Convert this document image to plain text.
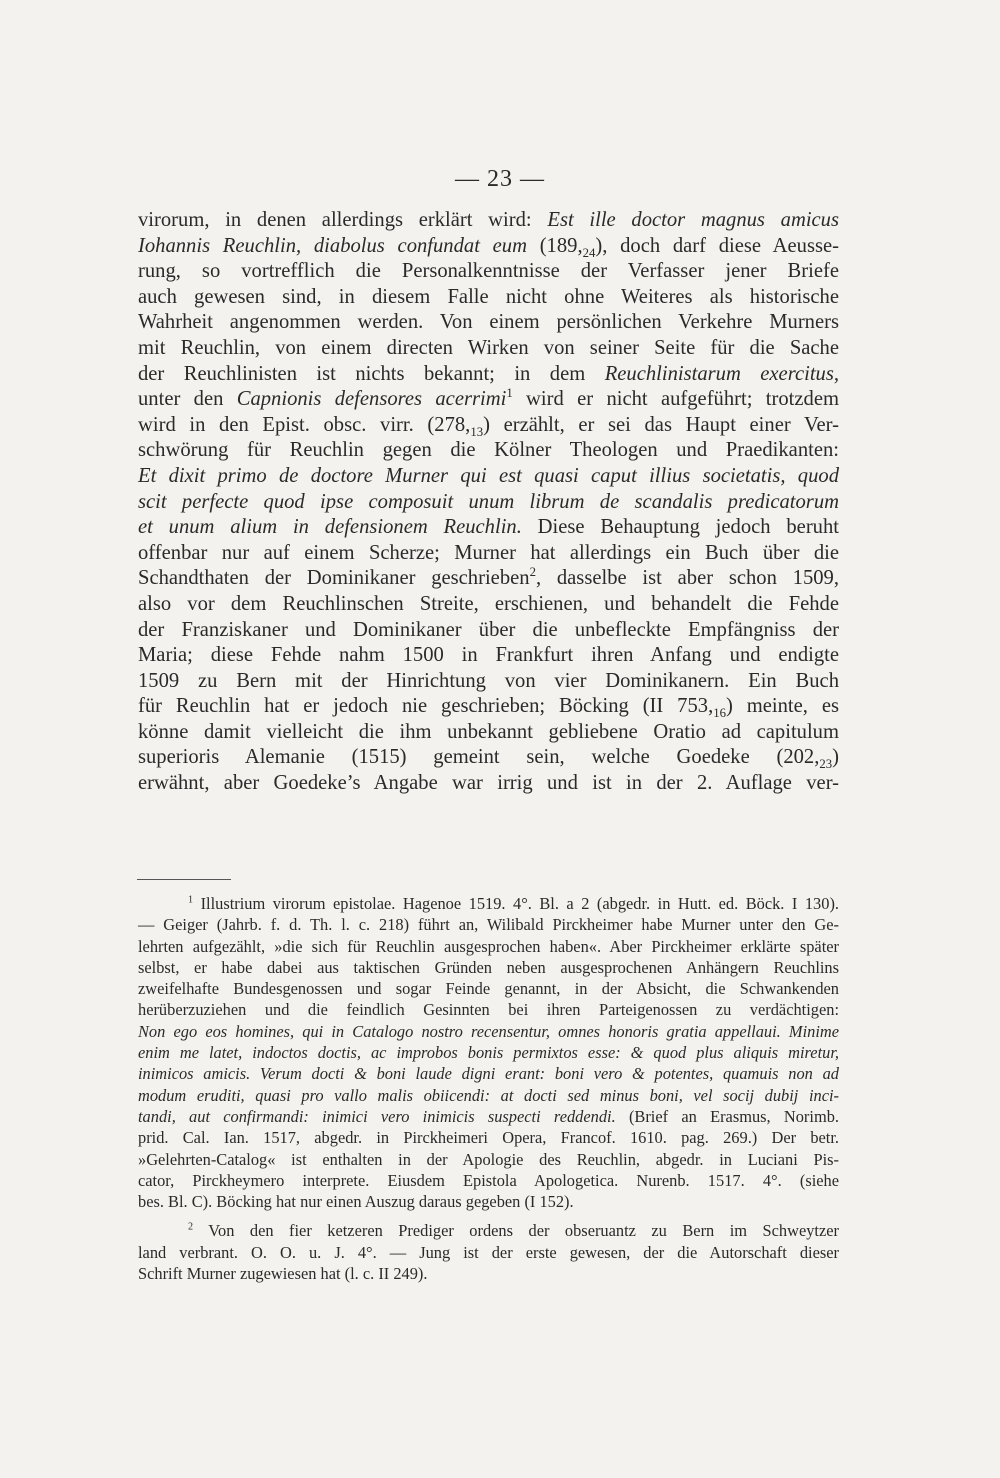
— 23 —
virorum, in denen allerdings erklärt wird: Est ille doctor magnus amicus
Iohannis Reuchlin, diabolus confundat eum $(189,_{24})$, doch darf diese Aeusse-
rung, so vortrefflich die Personalkenntnisse der Verfasser jener Briefe
auch gewesen sind, in diesem Falle nicht ohne Weiteres als historische
Wahrheit angenommen werden. Von einem persönlichen Verkehre Murners
mit Reuchlin, von einem directen Wirken von seiner Seite für die Sache
der Reuchlinisten ist nichts bekannt; in dem Reuchlinistarum exercitus,
unter den Capnionis defensores acerrimi$^1$ wird er nicht aufgeführt; trotzdem
wird in den Epist. obsc. virr. $(278,_{13})$ erzählt, er sei das Haupt einer Ver-
schwörung für Reuchlin gegen die Kölner Theologen und Praedikanten:
Et dixit primo de doctore Murner qui est quasi caput illius societatis, quod
scit perfecte quod ipse composuit unum librum de scandalis predicatorum
et unum alium in defensionem Reuchlin. Diese Behauptung jedoch beruht
offenbar nur auf einem Scherze; Murner hat allerdings ein Buch über die
Schandthaten der Dominikaner geschrieben$^2$, dasselbe ist aber schon 1509,
also vor dem Reuchlinschen Streite, erschienen, und behandelt die Fehde
der Franziskaner und Dominikaner über die unbefleckte Empfängniss der
Maria; diese Fehde nahm 1500 in Frankfurt ihren Anfang und endigte
1509 zu Bern mit der Hinrichtung von vier Dominikanern. Ein Buch
für Reuchlin hat er jedoch nie geschrieben; Böcking (II $753,_{16}$) meinte, es
könne damit vielleicht die ihm unbekannt gebliebene Oratio ad capitulum
superioris Alemanie (1515) gemeint sein, welche Goedeke $(202,_{23})$
erwähnt, aber Goedeke’s Angabe war irrig und ist in der 2. Auflage ver-
$^1$ Illustrium virorum epistolae. Hagenoe 1519. 4°. Bl. a 2 (abgedr. in Hutt. ed. Böck. I 130).
— Geiger (Jahrb. f. d. Th. l. c. 218) führt an, Wilibald Pirckheimer habe Murner unter den Ge-
lehrten aufgezählt, »die sich für Reuchlin ausgesprochen haben«. Aber Pirckheimer erklärte später
selbst, er habe dabei aus taktischen Gründen neben ausgesprochenen Anhängern Reuchlins
zweifelhafte Bundesgenossen und sogar Feinde genannt, in der Absicht, die Schwankenden
herüberzuziehen und die feindlich Gesinnten bei ihren Parteigenossen zu verdächtigen:
Non ego eos homines, qui in Catalogo nostro recensentur, omnes honoris gratia appellaui. Minime
enim me latet, indoctos doctis, ac improbos bonis permixtos esse: & quod plus aliquis miretur,
inimicos amicis. Verum docti & boni laude digni erant: boni vero & potentes, quamuis non ad
modum eruditi, quasi pro vallo malis obiicendi: at docti sed minus boni, vel socij dubij inci-
tandi, aut confirmandi: inimici vero inimicis suspecti reddendi. (Brief an Erasmus, Norimb.
prid. Cal. Ian. 1517, abgedr. in Pirckheimeri Opera, Francof. 1610. pag. 269.) Der betr.
»Gelehrten-Catalog« ist enthalten in der Apologie des Reuchlin, abgedr. in Luciani Pis-
cator, Pirckheymero interprete. Eiusdem Epistola Apologetica. Nurenb. 1517. 4°. (siehe
bes. Bl. C). Böcking hat nur einen Auszug daraus gegeben (I 152).
$^2$ Von den fier ketzeren Prediger ordens der obseruantz zu Bern im Schweytzer
land verbrant. O. O. u. J. 4°. — Jung ist der erste gewesen, der die Autorschaft dieser
Schrift Murner zugewiesen hat (l. c. II 249).
